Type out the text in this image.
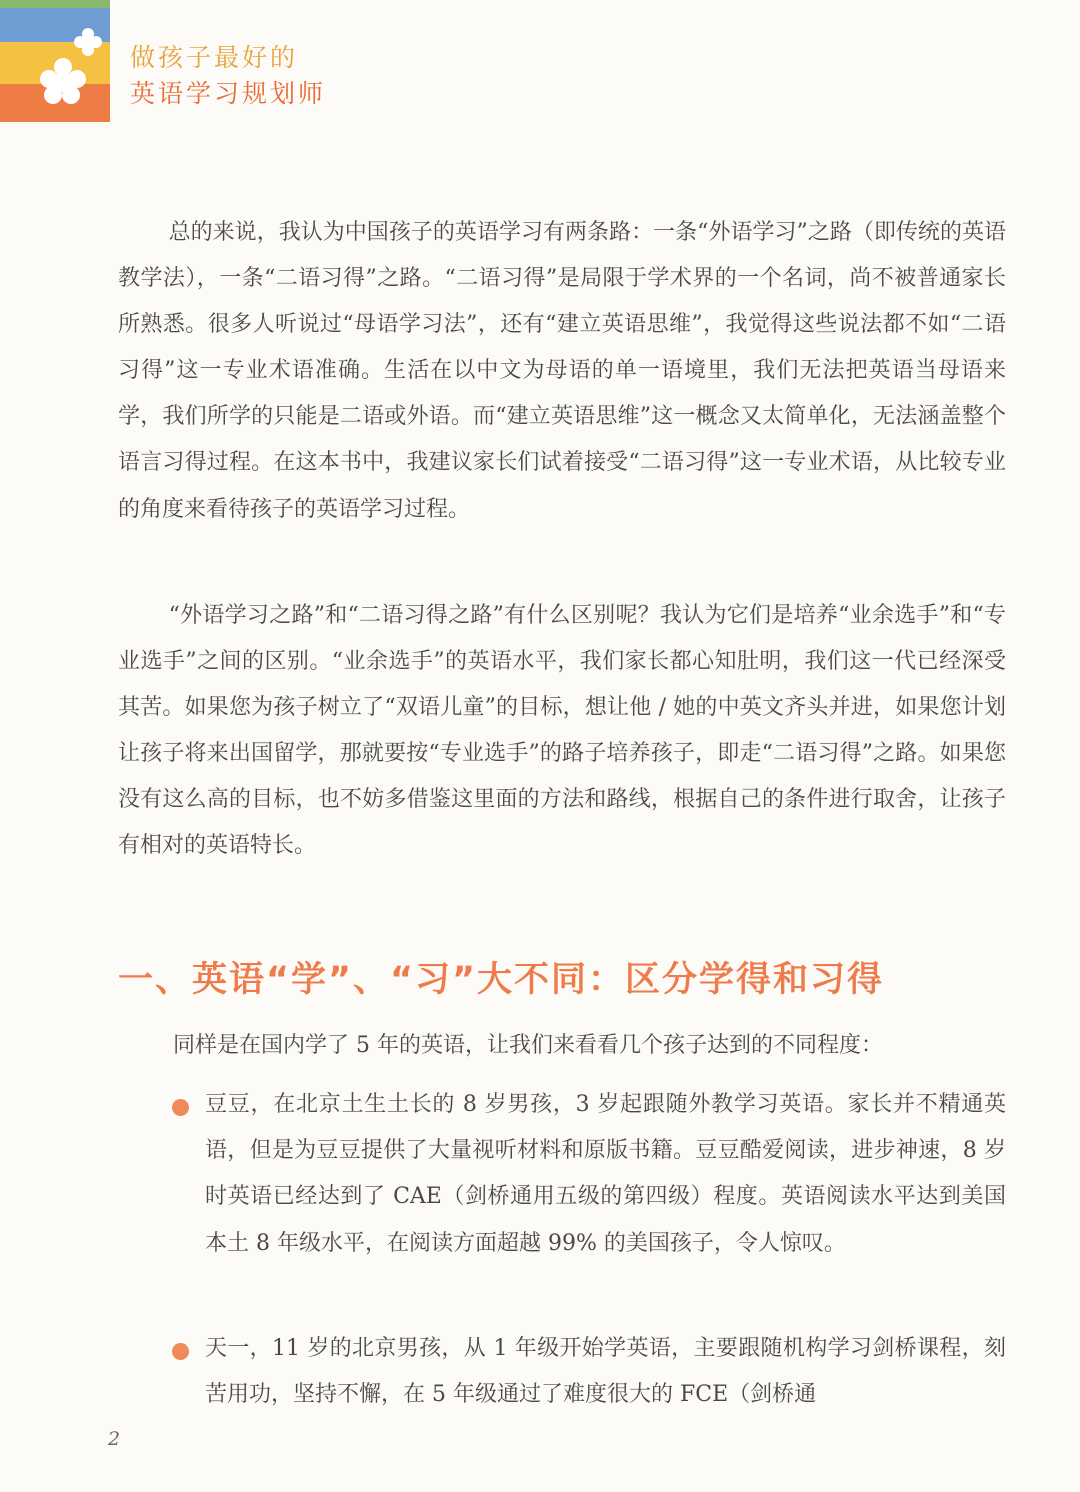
做孩子最好的
英语学习规划师

总的来说，我认为中国孩子的英语学习有两条路：一条“外语学习”之路（即传统的英语教学法），一条“二语习得”之路。“二语习得”是局限于学术界的一个名词，尚不被普通家长所熟悉。很多人听说过“母语学习法”，还有“建立英语思维”，我觉得这些说法都不如“二语习得”这一专业术语准确。生活在以中文为母语的单一语境里，我们无法把英语当母语来学，我们所学的只能是二语或外语。而“建立英语思维”这一概念又太简单化，无法涵盖整个语言习得过程。在这本书中，我建议家长们试着接受“二语习得”这一专业术语，从比较专业的角度来看待孩子的英语学习过程。

“外语学习之路”和“二语习得之路”有什么区别呢？我认为它们是培养“业余选手”和“专业选手”之间的区别。“业余选手”的英语水平，我们家长都心知肚明，我们这一代已经深受其苦。如果您为孩子树立了“双语儿童”的目标，想让他 / 她的中英文齐头并进，如果您计划让孩子将来出国留学，那就要按“专业选手”的路子培养孩子，即走“二语习得”之路。如果您没有这么高的目标，也不妨多借鉴这里面的方法和路线，根据自己的条件进行取舍，让孩子有相对的英语特长。

一、英语“学”、“习”大不同：区分学得和习得

同样是在国内学了 5 年的英语，让我们来看看几个孩子达到的不同程度：

豆豆，在北京土生土长的 8 岁男孩，3 岁起跟随外教学习英语。家长并不精通英语，但是为豆豆提供了大量视听材料和原版书籍。豆豆酷爱阅读，进步神速，8 岁时英语已经达到了 CAE（剑桥通用五级的第四级）程度。英语阅读水平达到美国本土 8 年级水平，在阅读方面超越 99% 的美国孩子，令人惊叹。

天一，11 岁的北京男孩，从 1 年级开始学英语，主要跟随机构学习剑桥课程，刻苦用功，坚持不懈，在 5 年级通过了难度很大的 FCE（剑桥通

2
